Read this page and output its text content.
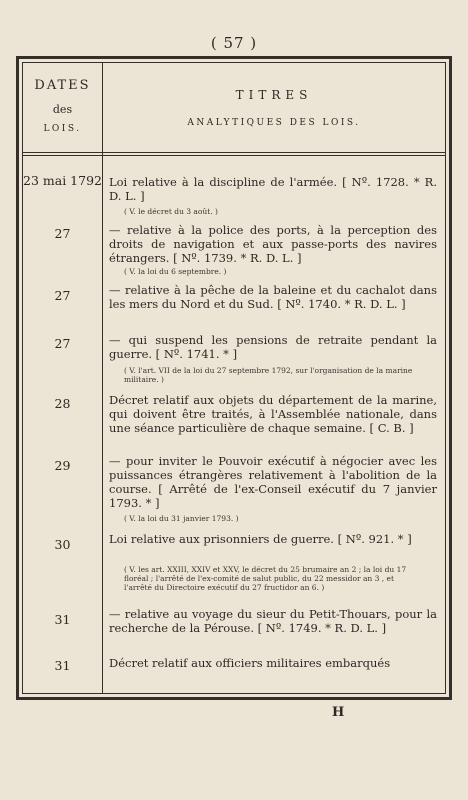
( 57 )
DATES
des
LOIS.
TITRES
ANALYTIQUES DES LOIS.
23 mai 1792 Loi relative à la discipline de l'armée. [ Nº. 1728. * R. D. L. ]
( V. le décret du 3 août. )
27	— relative à la police des ports, à la perception des droits de navigation et aux passe-ports des navires étrangers. [ Nº. 1739. * R. D. L. ]
( V. la loi du 6 septembre. )
27	— relative à la pêche de la baleine et du cachalot dans les mers du Nord et du Sud. [ Nº. 1740. * R. D. L. ]
27	— qui suspend les pensions de retraite pendant la guerre. [ Nº. 1741. * ]
( V. l'art. VII de la loi du 27 septembre 1792, sur l'organisation de la marine militaire. )
28	Décret relatif aux objets du département de la marine, qui doivent être traités, à l'Assemblée nationale, dans une séance particulière de chaque semaine. [ C. B. ]
29	— pour inviter le Pouvoir exécutif à négocier avec les puissances étrangères relativement à l'abolition de la course. [ Arrêté de l'ex-Conseil exécutif du 7 janvier 1793. * ]
( V. la loi du 31 janvier 1793. )
30	Loi relative aux prisonniers de guerre. [ Nº. 921. * ]
( V. les art. XXIII, XXIV et XXV, le décret du 25 brumaire an 2 ; la loi du 17 floréal ; l'arrêté de l'ex-comité de salut public, du 22 messidor an 3 , et l'arrêté du Directoire exécutif du 27 fructidor an 6. )
31	— relative au voyage du sieur du Petit-Thouars, pour la recherche de la Pérouse. [ Nº. 1749. * R. D. L. ]
31	Décret relatif aux officiers militaires embarqués
H
